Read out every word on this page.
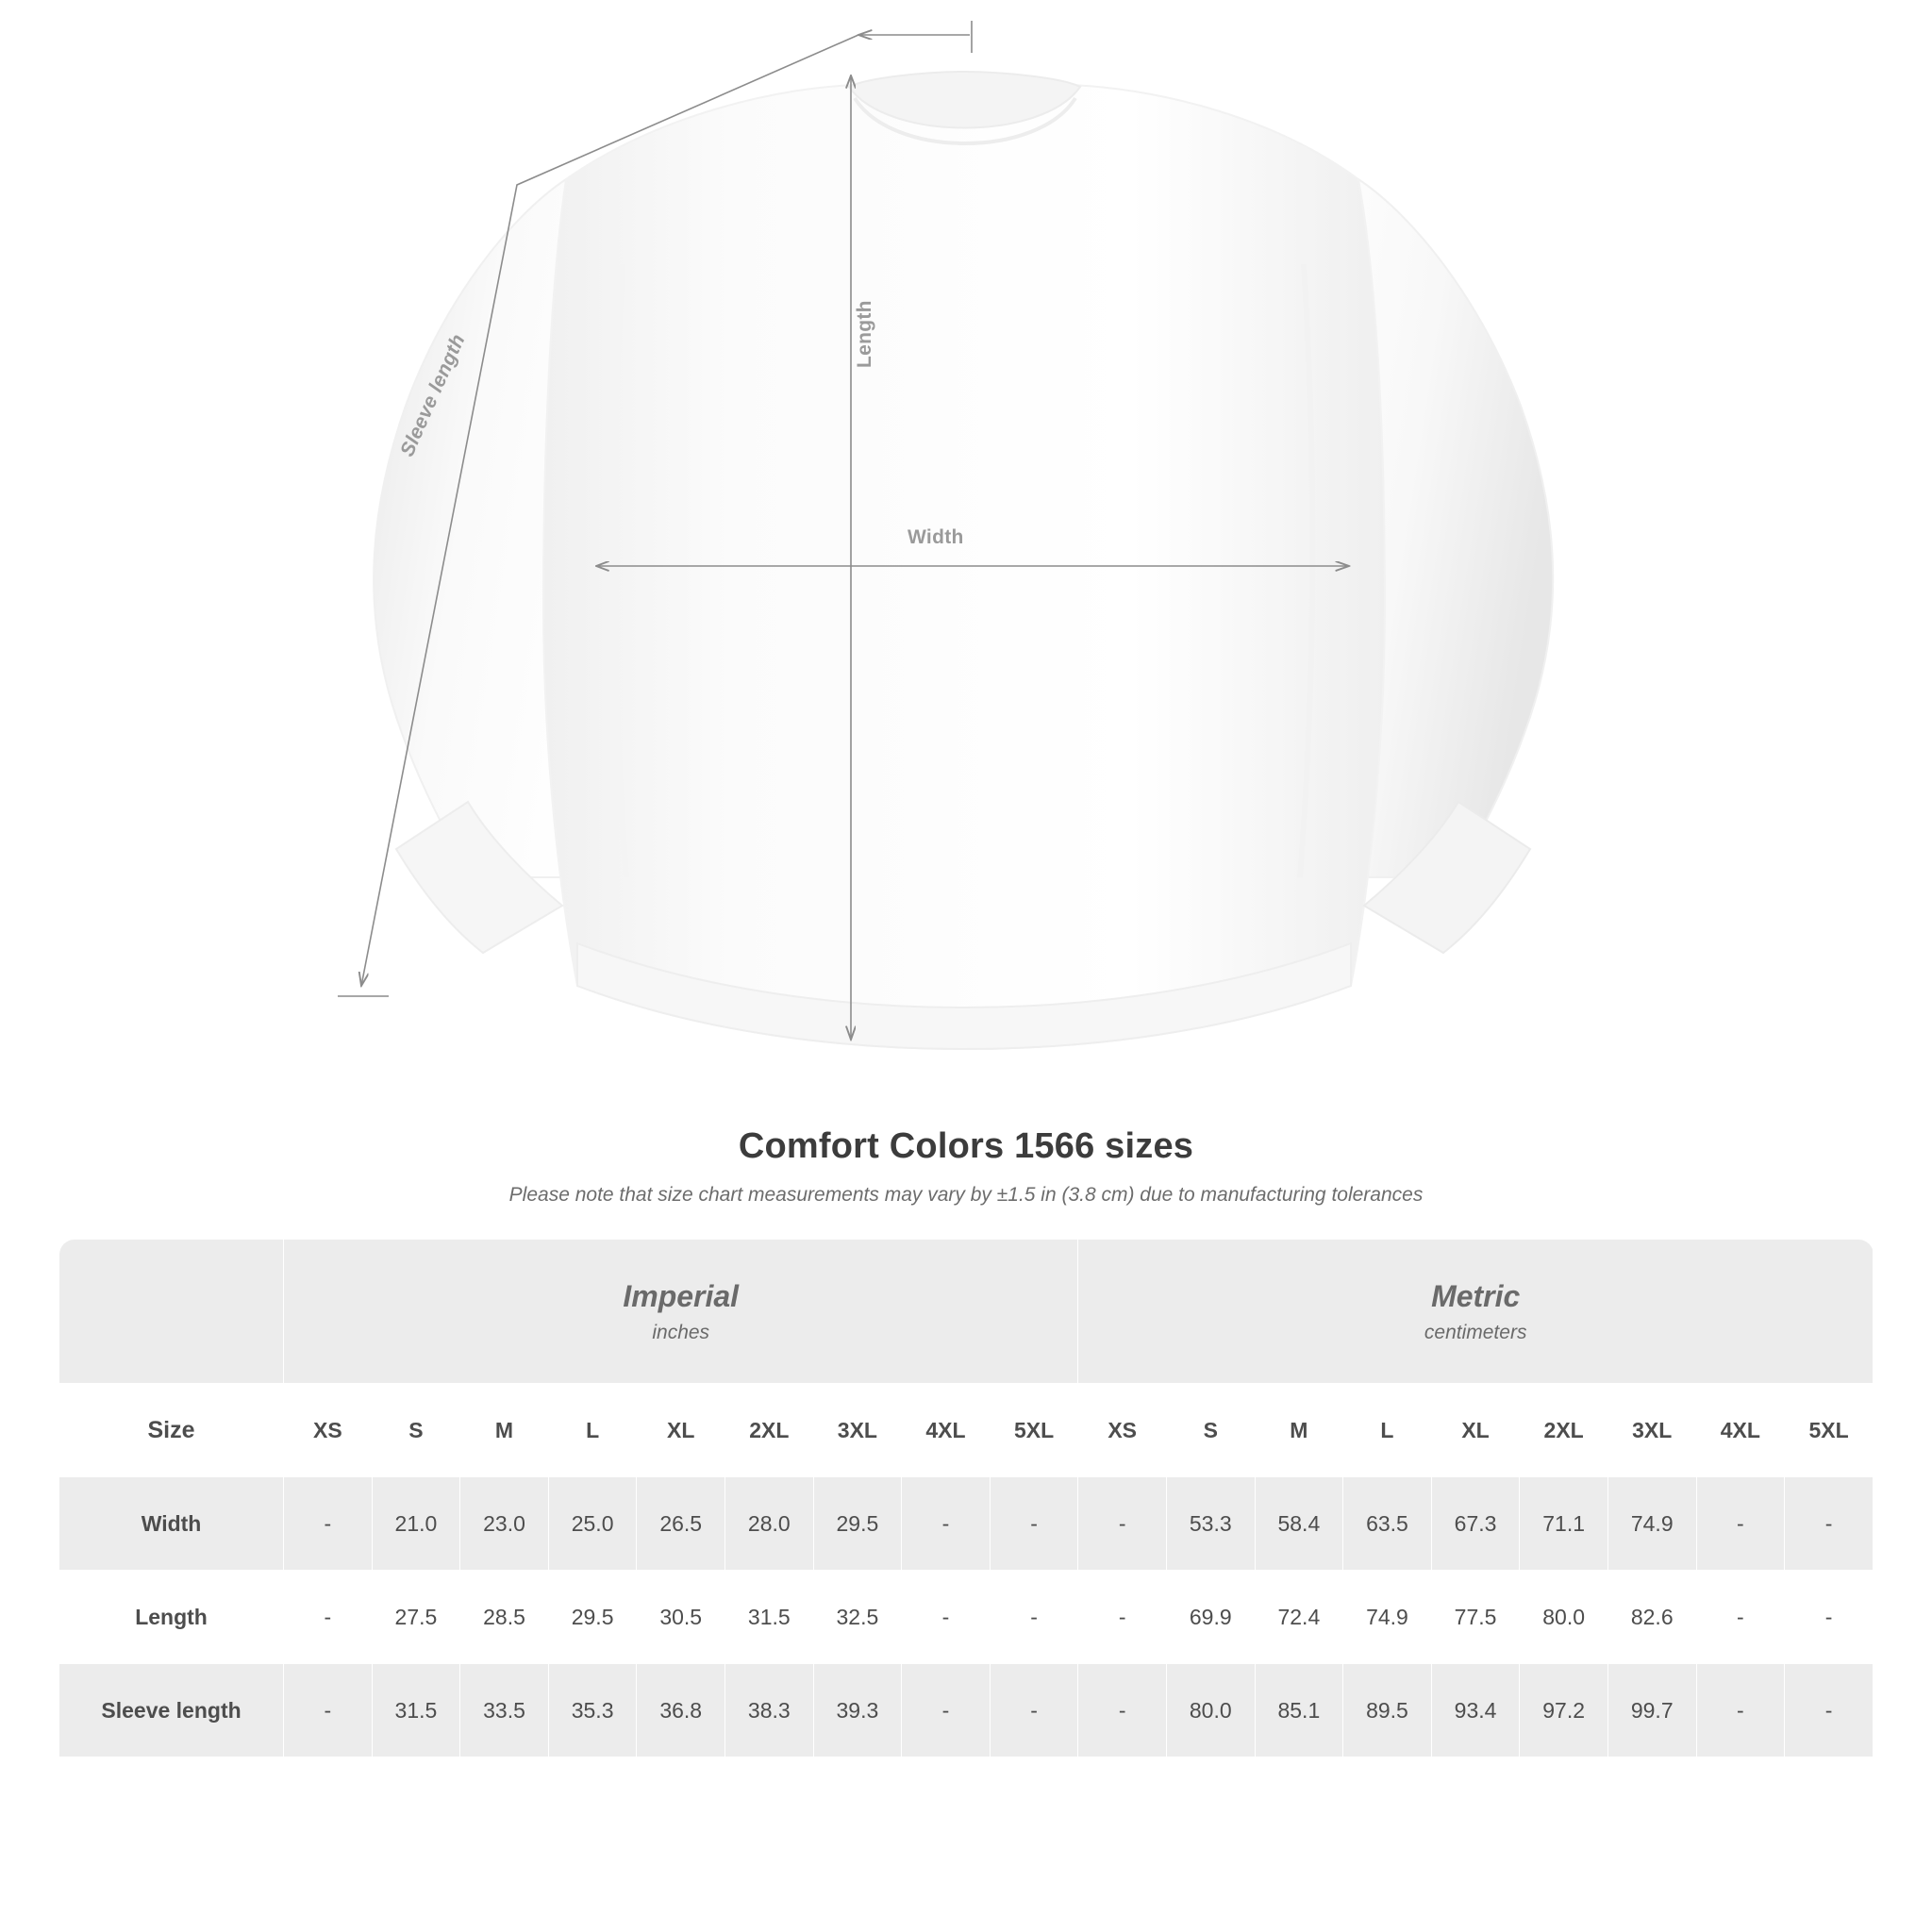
Width
Length
Sleeve length
Comfort Colors 1566 sizes
Please note that size chart measurements may vary by ±1.5 in (3.8 cm) due to manufacturing tolerances

Imperial
inches

Metric
centimeters

Size	XS	S	M	L	XL	2XL	3XL	4XL	5XL	XS	S	M	L	XL	2XL	3XL	4XL	5XL
Width	-	21.0	23.0	25.0	26.5	28.0	29.5	-	-	-	53.3	58.4	63.5	67.3	71.1	74.9	-	-
Length	-	27.5	28.5	29.5	30.5	31.5	32.5	-	-	-	69.9	72.4	74.9	77.5	80.0	82.6	-	-
Sleeve length	-	31.5	33.5	35.3	36.8	38.3	39.3	-	-	-	80.0	85.1	89.5	93.4	97.2	99.7	-	-
